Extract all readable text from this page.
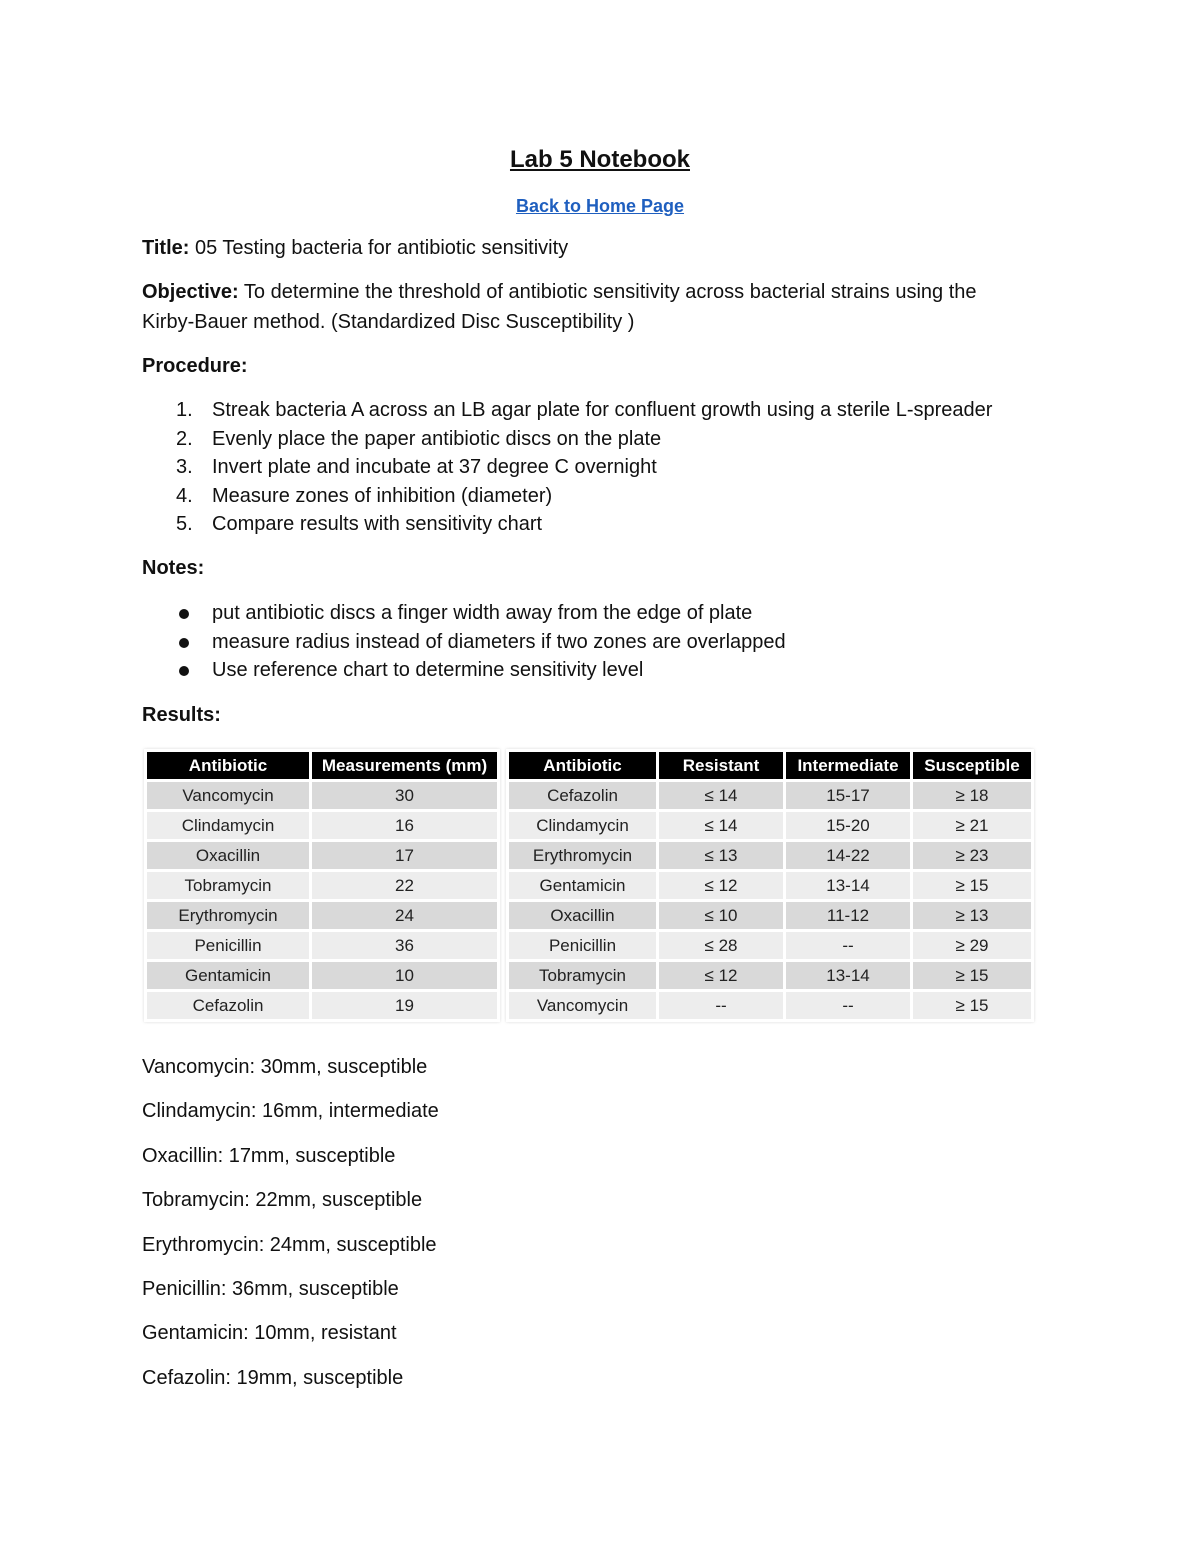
Lab 5 Notebook
Back to Home Page
Title: 05 Testing bacteria for antibiotic sensitivity
Objective: To determine the threshold of antibiotic sensitivity across bacterial strains using the
Kirby-Bauer method. (Standardized Disc Susceptibility )
Procedure:
1. Streak bacteria A across an LB agar plate for confluent growth using a sterile L-spreader
2. Evenly place the paper antibiotic discs on the plate
3. Invert plate and incubate at 37 degree C overnight
4. Measure zones of inhibition (diameter)
5. Compare results with sensitivity chart
Notes:
put antibiotic discs a finger width away from the edge of plate
measure radius instead of diameters if two zones are overlapped
Use reference chart to determine sensitivity level
Results:
Antibiotic	Measurements (mm)
Vancomycin	30
Clindamycin	16
Oxacillin	17
Tobramycin	22
Erythromycin	24
Penicillin	36
Gentamicin	10
Cefazolin	19
Antibiotic	Resistant	Intermediate	Susceptible
Cefazolin	≤ 14	15-17	≥ 18
Clindamycin	≤ 14	15-20	≥ 21
Erythromycin	≤ 13	14-22	≥ 23
Gentamicin	≤ 12	13-14	≥ 15
Oxacillin	≤ 10	11-12	≥ 13
Penicillin	≤ 28	--	≥ 29
Tobramycin	≤ 12	13-14	≥ 15
Vancomycin	--	--	≥ 15
Vancomycin: 30mm, susceptible
Clindamycin: 16mm, intermediate
Oxacillin: 17mm, susceptible
Tobramycin: 22mm, susceptible
Erythromycin: 24mm, susceptible
Penicillin: 36mm, susceptible
Gentamicin: 10mm, resistant
Cefazolin: 19mm, susceptible
